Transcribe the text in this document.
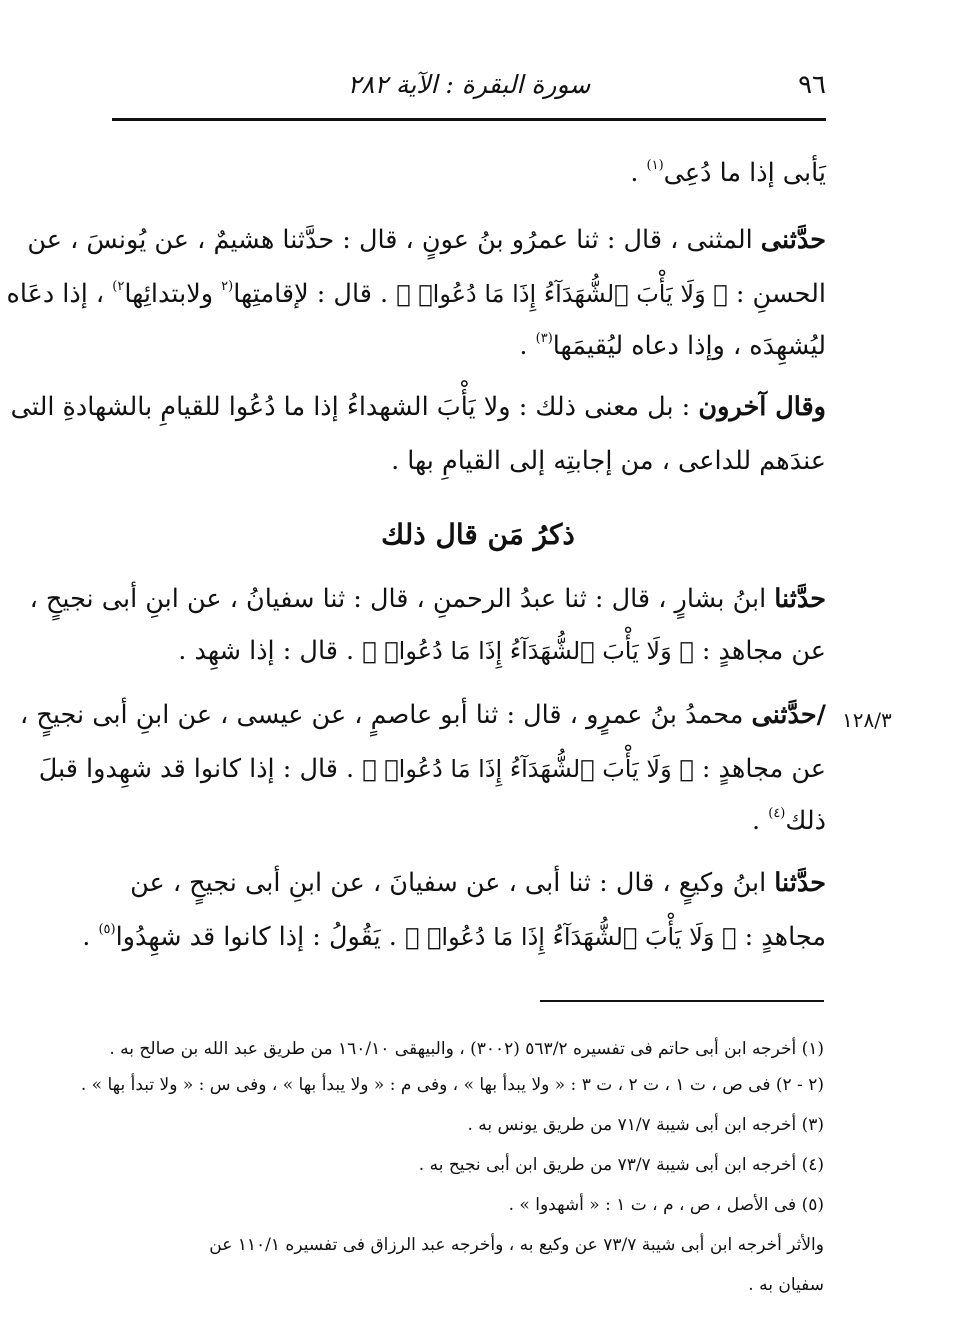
٩٦
سورة البقرة : الآية ٢٨٢
يَأبى إذا ما دُعِى$^{(١)}$ .
حدَّثنى المثنى ، قال : ثنا عمرُو بنُ عونٍ ، قال : حدَّثنا هشيمٌ ، عن يُونسَ ، عن
الحسنِ : ﴿ وَلَا يَأْبَ ٱلشُّهَدَآءُ إِذَا مَا دُعُوا۟ ﴾ . قال : لإقامتِها$^{(٢}$ ولابتدائِها$^{٢)}$ ، إذا دعَاه
ليُشهِدَه ، وإذا دعاه ليُقيمَها$^{(٣)}$ .
وقال آخرون : بل معنى ذلك : ولا يَأْبَ الشهداءُ إذا ما دُعُوا للقيامِ بالشهادةِ التى
عندَهم للداعى ، من إجابتِه إلى القيامِ بها .
ذكرُ مَن قال ذلك
حدَّثنا ابنُ بشارٍ ، قال : ثنا عبدُ الرحمنِ ، قال : ثنا سفيانُ ، عن ابنِ أبى نجيحٍ ،
عن مجاهدٍ : ﴿ وَلَا يَأْبَ ٱلشُّهَدَآءُ إِذَا مَا دُعُوا۟ ﴾ . قال : إذا شهِد .
١٢٨/٣
/حدَّثنى محمدُ بنُ عمرٍو ، قال : ثنا أبو عاصمٍ ، عن عيسى ، عن ابنِ أبى نجيحٍ ،
عن مجاهدٍ : ﴿ وَلَا يَأْبَ ٱلشُّهَدَآءُ إِذَا مَا دُعُوا۟ ﴾ . قال : إذا كانوا قد شهِدوا قبلَ
ذلك$^{(٤)}$ .
حدَّثنا ابنُ وكيعٍ ، قال : ثنا أبى ، عن سفيانَ ، عن ابنِ أبى نجيحٍ ، عن
مجاهدٍ : ﴿ وَلَا يَأْبَ ٱلشُّهَدَآءُ إِذَا مَا دُعُوا۟ ﴾ . يَقُولُ : إذا كانوا قد شهِدُوا$^{(٥)}$ .
(١) أخرجه ابن أبى حاتم فى تفسيره ٥٦٣/٢ (٣٠٠٢) ، والبيهقى ١٦٠/١٠ من طريق عبد الله بن صالح به .
(٢ - ٢) فى ص ، ت ١ ، ت ٢ ، ت ٣ : « ولا يبدأ بها » ، وفى م : « ولا يبدأ بها » ، وفى س : « ولا تبدأ بها » .
(٣) أخرجه ابن أبى شيبة ٧١/٧ من طريق يونس به .
(٤) أخرجه ابن أبى شيبة ٧٣/٧ من طريق ابن أبى نجيح به .
(٥) فى الأصل ، ص ، م ، ت ١ : « أشهدوا » .
والأثر أخرجه ابن أبى شيبة ٧٣/٧ عن وكيع به ، وأخرجه عبد الرزاق فى تفسيره ١١٠/١ عن
سفيان به .
